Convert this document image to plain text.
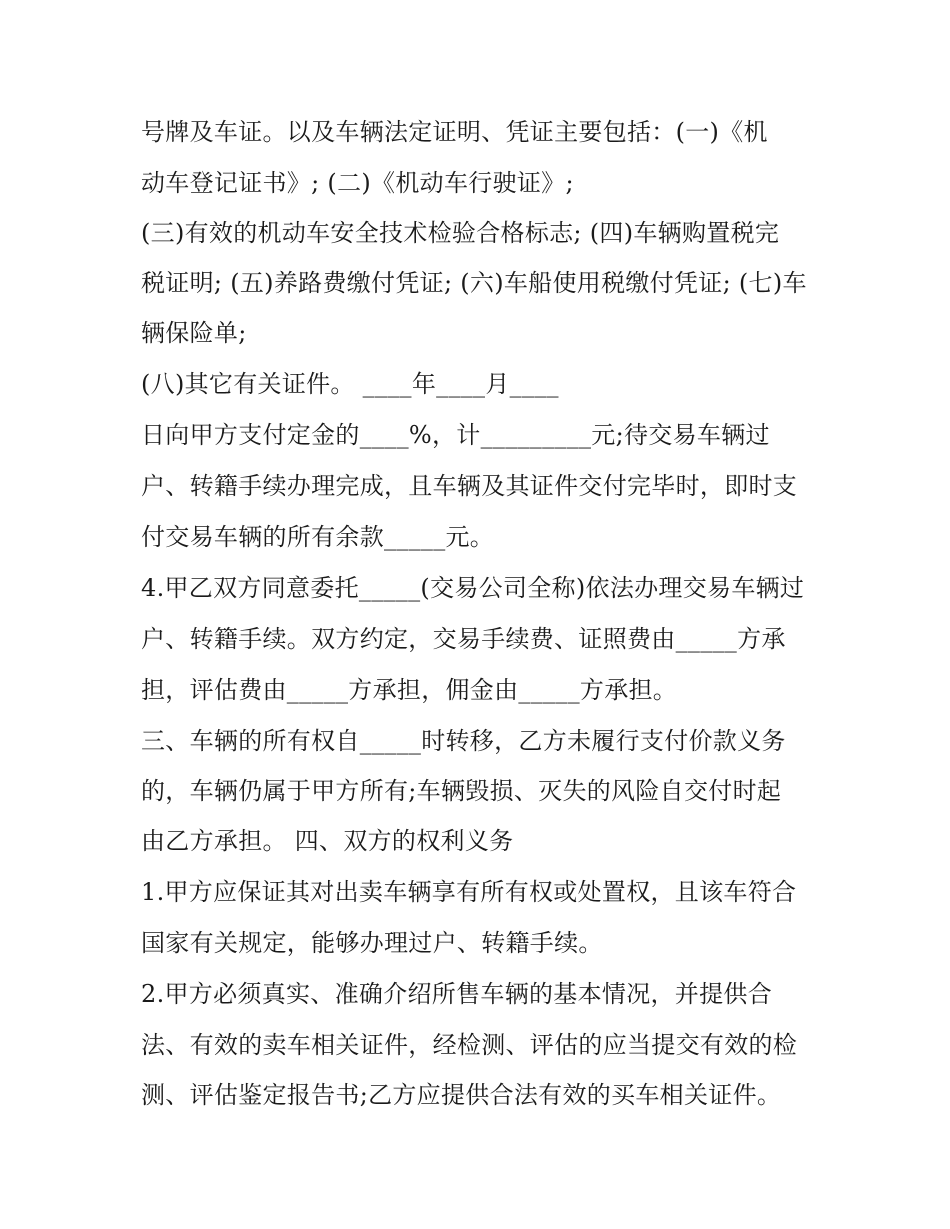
号牌及车证。以及车辆法定证明、凭证主要包括：(一)《机
动车登记证书》; (二)《机动车行驶证》;
(三)有效的机动车安全技术检验合格标志; (四)车辆购置税完
税证明; (五)养路费缴付凭证; (六)车船使用税缴付凭证; (七)车
辆保险单;
(八)其它有关证件。 ____年____月____
日向甲方支付定金的____%，计_________元;待交易车辆过
户、转籍手续办理完成，且车辆及其证件交付完毕时，即时支
付交易车辆的所有余款_____元。
4.甲乙双方同意委托_____(交易公司全称)依法办理交易车辆过
户、转籍手续。双方约定，交易手续费、证照费由_____方承
担，评估费由_____方承担，佣金由_____方承担。
三、车辆的所有权自_____时转移，乙方未履行支付价款义务
的，车辆仍属于甲方所有;车辆毁损、灭失的风险自交付时起
由乙方承担。 四、双方的权利义务
1.甲方应保证其对出卖车辆享有所有权或处置权，且该车符合
国家有关规定，能够办理过户、转籍手续。
2.甲方必须真实、准确介绍所售车辆的基本情况，并提供合
法、有效的卖车相关证件，经检测、评估的应当提交有效的检
测、评估鉴定报告书;乙方应提供合法有效的买车相关证件。
